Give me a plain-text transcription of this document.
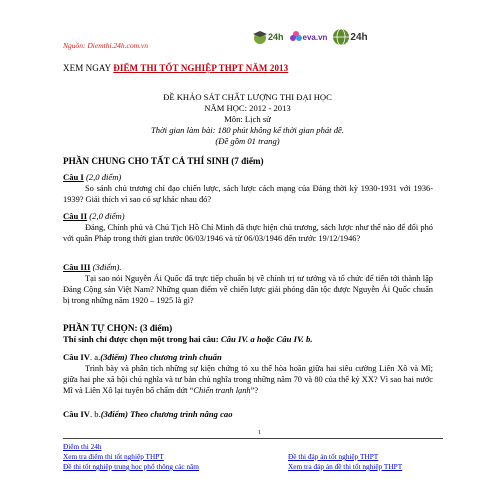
Nguồn: Diemthi.24h.com.vn
24h eva.vn 24h
XEM NGAY ĐIỂM THI TỐT NGHIỆP THPT NĂM 2013
ĐỀ KHẢO SÁT CHẤT LƯỢNG THI ĐẠI HỌC
NĂM HỌC: 2012 - 2013
Môn: Lịch sử
Thời gian làm bài: 180 phút không kể thời gian phát đề.
(Đề gồm 01 trang)
PHẦN CHUNG CHO TẤT CẢ THÍ SINH (7 điểm)
Câu I (2,0 điểm)
So sánh chủ trương chỉ đạo chiến lược, sách lược cách mạng của Đảng thời kỳ 1930-1931 với 1936- 1939? Giải thích vì sao có sự khác nhau đó?
Câu II (2,0 điểm)
Đảng, Chính phủ và Chủ Tịch Hồ Chí Minh đã thực hiện chủ trương, sách lược như thế nào để đối phó với quân Pháp trong thời gian trước 06/03/1946 và từ 06/03/1946 đến trước 19/12/1946?
Câu III (3điểm).
Tại sao nói Nguyễn Ái Quốc đã trực tiếp chuẩn bị về chính trị tư tưởng và tổ chức để tiến tới thành lập Đảng Cộng sản Việt Nam? Những quan điểm về chiến lược giải phóng dân tộc được Nguyễn Ái Quốc chuẩn bị trong những năm 1920 – 1925 là gì?
PHẦN TỰ CHỌN: (3 điểm)
Thí sinh chỉ được chọn một trong hai câu: Câu IV. a hoặc Câu IV. b.
Câu IV. a.(3điểm) Theo chương trình chuẩn
Trình bày và phân tích những sự kiện chứng tỏ xu thế hòa hoãn giữa hai siêu cường Liên Xô và Mĩ; giữa hai phe xã hội chủ nghĩa và tư bản chủ nghĩa trong những năm 70 và 80 của thế kỷ XX? Vì sao hai nước Mĩ và Liên Xô lại tuyên bố chấm dứt “Chiến tranh lạnh”?
Câu IV. b.(3điểm) Theo chương trình nâng cao
1
Điểm thi 24h
Xem tra điểm thi tốt nghiệp THPT
Đề thi tốt nghiệp trung học phổ thông các năm
Đề thi đáp án tốt nghiệp THPT
Xem tra đáp án đề thi tốt nghiệp THPT
